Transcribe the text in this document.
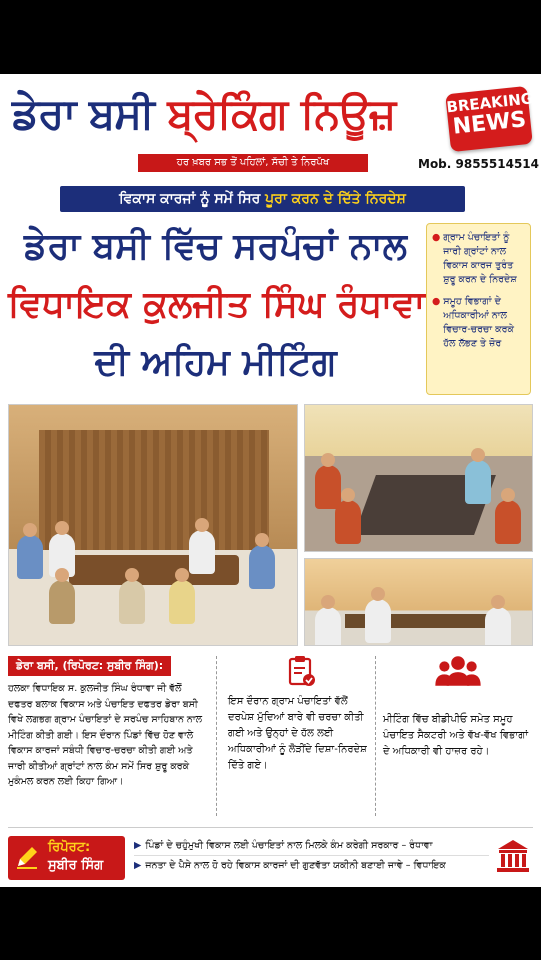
ਡੇਰਾ ਬਸੀ ਬ੍ਰੇਕਿੰਗ ਨਿਊਜ਼	BREAKING
NEWS
ਹਰ ਖ਼ਬਰ ਸਭ ਤੋਂ ਪਹਿਲਾਂ, ਸੱਚੀ ਤੇ ਨਿਰਪੱਖ	Mob. 9855514514
ਵਿਕਾਸ ਕਾਰਜਾਂ ਨੂੰ ਸਮੇਂ ਸਿਰ ਪੂਰਾ ਕਰਨ ਦੇ ਦਿੱਤੇ ਨਿਰਦੇਸ਼
ਡੇਰਾ ਬਸੀ ਵਿੱਚ ਸਰਪੰਚਾਂ ਨਾਲ
ਵਿਧਾਇਕ ਕੁਲਜੀਤ ਸਿੰਘ ਰੰਧਾਵਾ
ਦੀ ਅਹਿਮ ਮੀਟਿੰਗ
● ਗ੍ਰਾਮ ਪੰਚਾਇਤਾਂ ਨੂੰ ਜਾਰੀ ਗ੍ਰਾਂਟਾਂ ਨਾਲ ਵਿਕਾਸ ਕਾਰਜ ਤੁਰੰਤ ਸ਼ੁਰੂ ਕਰਨ ਦੇ ਨਿਰਦੇਸ਼
● ਸਮੂਹ ਵਿਭਾਗਾਂ ਦੇ ਅਧਿਕਾਰੀਆਂ ਨਾਲ ਵਿਚਾਰ-ਚਰਚਾ ਕਰਕੇ ਹੱਲ ਲੱਭਣ ਤੇ ਜ਼ੋਰ
ਡੇਰਾ ਬਸੀ, (ਰਿਪੋਰਟ: ਸੁਬੀਰ ਸਿੰਗ):

ਹਲਕਾ ਵਿਧਾਇਕ ਸ. ਕੁਲਜੀਤ ਸਿੰਘ ਰੰਧਾਵਾ ਜੀ ਵੱਲੋਂ ਦਫਤਰ ਬਲਾਕ ਵਿਕਾਸ ਅਤੇ ਪੰਚਾਇਤ ਦਫਤਰ ਡੇਰਾ ਬਸੀ ਵਿਖੇ ਲਗਭਗ ਗ੍ਰਾਮ ਪੰਚਾਇਤਾਂ ਦੇ ਸਰਪੰਚ ਸਾਹਿਬਾਨ ਨਾਲ ਮੀਟਿੰਗ ਕੀਤੀ ਗਈ। ਇਸ ਦੌਰਾਨ ਪਿੰਡਾਂ ਵਿੱਚ ਹੋਣ ਵਾਲੇ ਵਿਕਾਸ ਕਾਰਜਾਂ ਸਬੰਧੀ ਵਿਚਾਰ-ਚਰਚਾ ਕੀਤੀ ਗਈ ਅਤੇ ਜਾਰੀ ਕੀਤੀਆਂ ਗ੍ਰਾਂਟਾਂ ਨਾਲ ਕੰਮ ਸਮੇਂ ਸਿਰ ਸ਼ੁਰੂ ਕਰਕੇ ਮੁਕੰਮਲ ਕਰਨ ਲਈ ਕਿਹਾ ਗਿਆ।

ਇਸ ਦੌਰਾਨ ਗ੍ਰਾਮ ਪੰਚਾਇਤਾਂ ਵੱਲੋਂ ਦਰਪੇਸ਼ ਮੁੱਦਿਆਂ ਬਾਰੇ ਵੀ ਚਰਚਾ ਕੀਤੀ ਗਈ ਅਤੇ ਉਨ੍ਹਾਂ ਦੇ ਹੱਲ ਲਈ ਅਧਿਕਾਰੀਆਂ ਨੂੰ ਲੋੜੀਂਦੇ ਦਿਸ਼ਾ-ਨਿਰਦੇਸ਼ ਦਿੱਤੇ ਗਏ।

ਮੀਟਿੰਗ ਵਿੱਚ ਬੀਡੀਪੀਓ ਸਮੇਤ ਸਮੂਹ ਪੰਚਾਇਤ ਸੈਕਟਰੀ ਅਤੇ ਵੱਖ-ਵੱਖ ਵਿਭਾਗਾਂ ਦੇ ਅਧਿਕਾਰੀ ਵੀ ਹਾਜ਼ਰ ਰਹੇ।

ਰਿਪੋਰਟ:
ਸੁਬੀਰ ਸਿੰਗ
▶ ਪਿੰਡਾਂ ਦੇ ਚਹੁੰਮੁਖੀ ਵਿਕਾਸ ਲਈ ਪੰਚਾਇਤਾਂ ਨਾਲ ਮਿਲਕੇ ਕੰਮ ਕਰੇਗੀ ਸਰਕਾਰ – ਰੰਧਾਵਾ
▶ ਜਨਤਾ ਦੇ ਪੈਸੇ ਨਾਲ ਹੋ ਰਹੇ ਵਿਕਾਸ ਕਾਰਜਾਂ ਦੀ ਗੁਣਵੱਤਾ ਯਕੀਨੀ ਬਣਾਈ ਜਾਵੇ – ਵਿਧਾਇਕ
